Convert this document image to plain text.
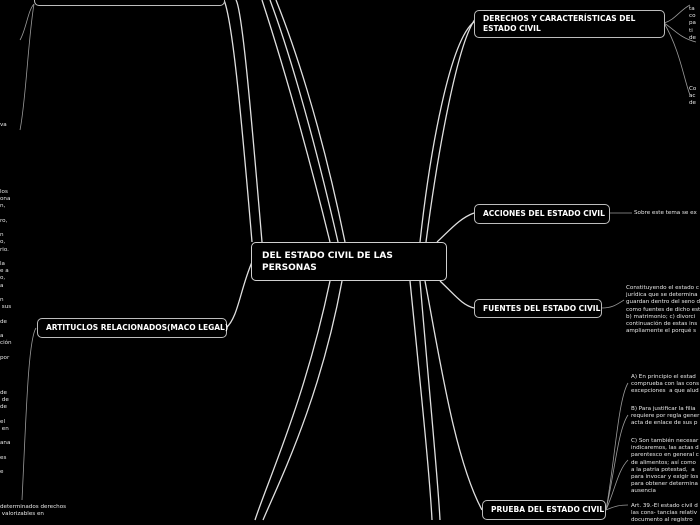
DEL ESTADO CIVIL DE LAS PERSONAS
DERECHOS Y CARACTERÍSTICAS DEL ESTADO CIVIL
ACCIONES DEL ESTADO CIVIL
FUENTES DEL ESTADO CIVIL
PRUEBA DEL ESTADO CIVIL
ARTITUCLOS RELACIONADOS(MACO LEGAL)
Sobre este tema se ex
Constituyendo el estado c
jurídica que se determina
guardan dentro del seno d
como fuentes de dicho est
b) matrimonio; c) divorci
continuación de estas ins
ampliamente el porqué s
A) En principio el estad
comprueba con las cons
excepciones  a que alud
B) Para justificar la filia
requiere por regla gener
acta de enlace de sus p
C) Son también necesar
indicaremos, las actas d
parentesco en general c
de alimentos; así como
a la patria potestad,  a
para invocar y exigir los
para obtener determina
ausencia
Art. 39.-El estado civil d
las cons- tancias relativ
documento al registro
ta
co
pa
ti
de
Co
ac
de
va
los
ona
n,

ro,

n
o,
rio.

la
e a
o,
a

n
sus

de

a
ción

por
de
de
de

el
en

ana

es

e
determinados derechos
valorizables en
